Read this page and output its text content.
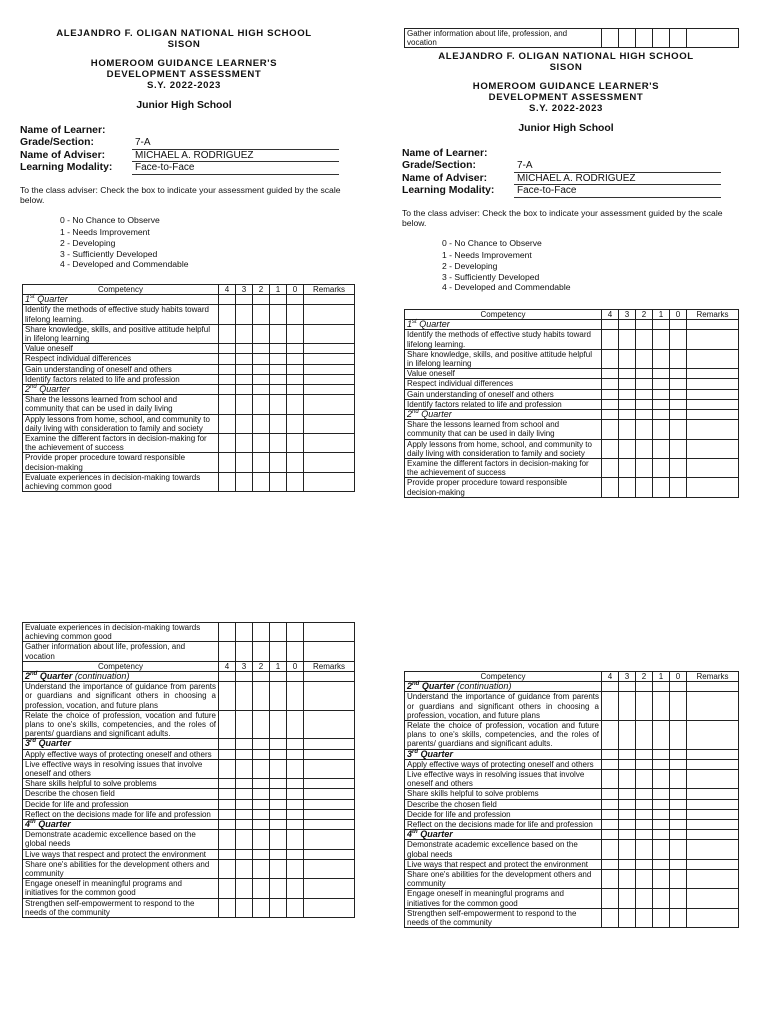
ALEJANDRO F. OLIGAN NATIONAL HIGH SCHOOL
SISON
HOMEROOM GUIDANCE LEARNER'S
DEVELOPMENT ASSESSMENT
S.Y. 2022-2023
Junior High School
Name of Learner:
Grade/Section:	7-A
Name of Adviser:	MICHAEL A. RODRIGUEZ
Learning Modality:	Face-to-Face
To the class adviser: Check the box to indicate your assessment guided by the scale below.
0 - No Chance to Observe
1 - Needs Improvement
2 - Developing
3 - Sufficiently Developed
4 - Developed and Commendable
Competency	4	3	2	1	0	Remarks
1st Quarter						
Identify the methods of effective study habits toward lifelong learning.						
Share knowledge, skills, and positive attitude helpful in lifelong learning						
Value oneself						
Respect individual differences						
Gain understanding of oneself and others						
Identify factors related to life and profession						
2nd Quarter						
Share the lessons learned from school and community that can be used in daily living						
Apply lessons from home, school, and community to daily living with consideration to family and society						
Examine the different factors in decision-making for the achievement of success						
Provide proper procedure toward responsible decision-making						
Evaluate experiences in decision-making towards achieving common good						
Gather information about life, profession, and vocation						
ALEJANDRO F. OLIGAN NATIONAL HIGH SCHOOL
SISON
HOMEROOM GUIDANCE LEARNER'S
DEVELOPMENT ASSESSMENT
S.Y. 2022-2023
Junior High School
Name of Learner:
Grade/Section:	7-A
Name of Adviser:	MICHAEL A. RODRIGUEZ
Learning Modality:	Face-to-Face
To the class adviser: Check the box to indicate your assessment guided by the scale below.
0 - No Chance to Observe
1 - Needs Improvement
2 - Developing
3 - Sufficiently Developed
4 - Developed and Commendable
Competency	4	3	2	1	0	Remarks
1st Quarter						
Identify the methods of effective study habits toward lifelong learning.						
Share knowledge, skills, and positive attitude helpful in lifelong learning						
Value oneself						
Respect individual differences						
Gain understanding of oneself and others						
Identify factors related to life and profession						
2nd Quarter						
Share the lessons learned from school and community that can be used in daily living						
Apply lessons from home, school, and community to daily living with consideration to family and society						
Examine the different factors in decision-making for the achievement of success						
Provide proper procedure toward responsible decision-making						
Evaluate experiences in decision-making towards achieving common good						
Gather information about life, profession, and vocation						
Competency	4	3	2	1	0	Remarks
2nd Quarter (continuation)						
Understand the importance of guidance from parents or guardians and significant others in choosing a profession, vocation, and future plans						
Relate the choice of profession, vocation and future plans to one's skills, competencies, and the roles of parents/ guardians and significant adults.						
3rd Quarter						
Apply effective ways of protecting oneself and others						
Live effective ways in resolving issues that involve oneself and others						
Share skills helpful to solve problems						
Describe the chosen field						
Decide for life and profession						
Reflect on the decisions made for life and profession						
4th Quarter						
Demonstrate academic excellence based on the global needs						
Live ways that respect and protect the environment						
Share one's abilities for the development others and community						
Engage oneself in meaningful programs and initiatives for the common good						
Strengthen self-empowerment to respond to the needs of the community						
Competency	4	3	2	1	0	Remarks
2nd Quarter (continuation)						
Understand the importance of guidance from parents or guardians and significant others in choosing a profession, vocation, and future plans						
Relate the choice of profession, vocation and future plans to one's skills, competencies, and the roles of parents/ guardians and significant adults.						
3rd Quarter						
Apply effective ways of protecting oneself and others						
Live effective ways in resolving issues that involve oneself and others						
Share skills helpful to solve problems						
Describe the chosen field						
Decide for life and profession						
Reflect on the decisions made for life and profession						
4th Quarter						
Demonstrate academic excellence based on the global needs						
Live ways that respect and protect the environment						
Share one's abilities for the development others and community						
Engage oneself in meaningful programs and initiatives for the common good						
Strengthen self-empowerment to respond to the needs of the community						
